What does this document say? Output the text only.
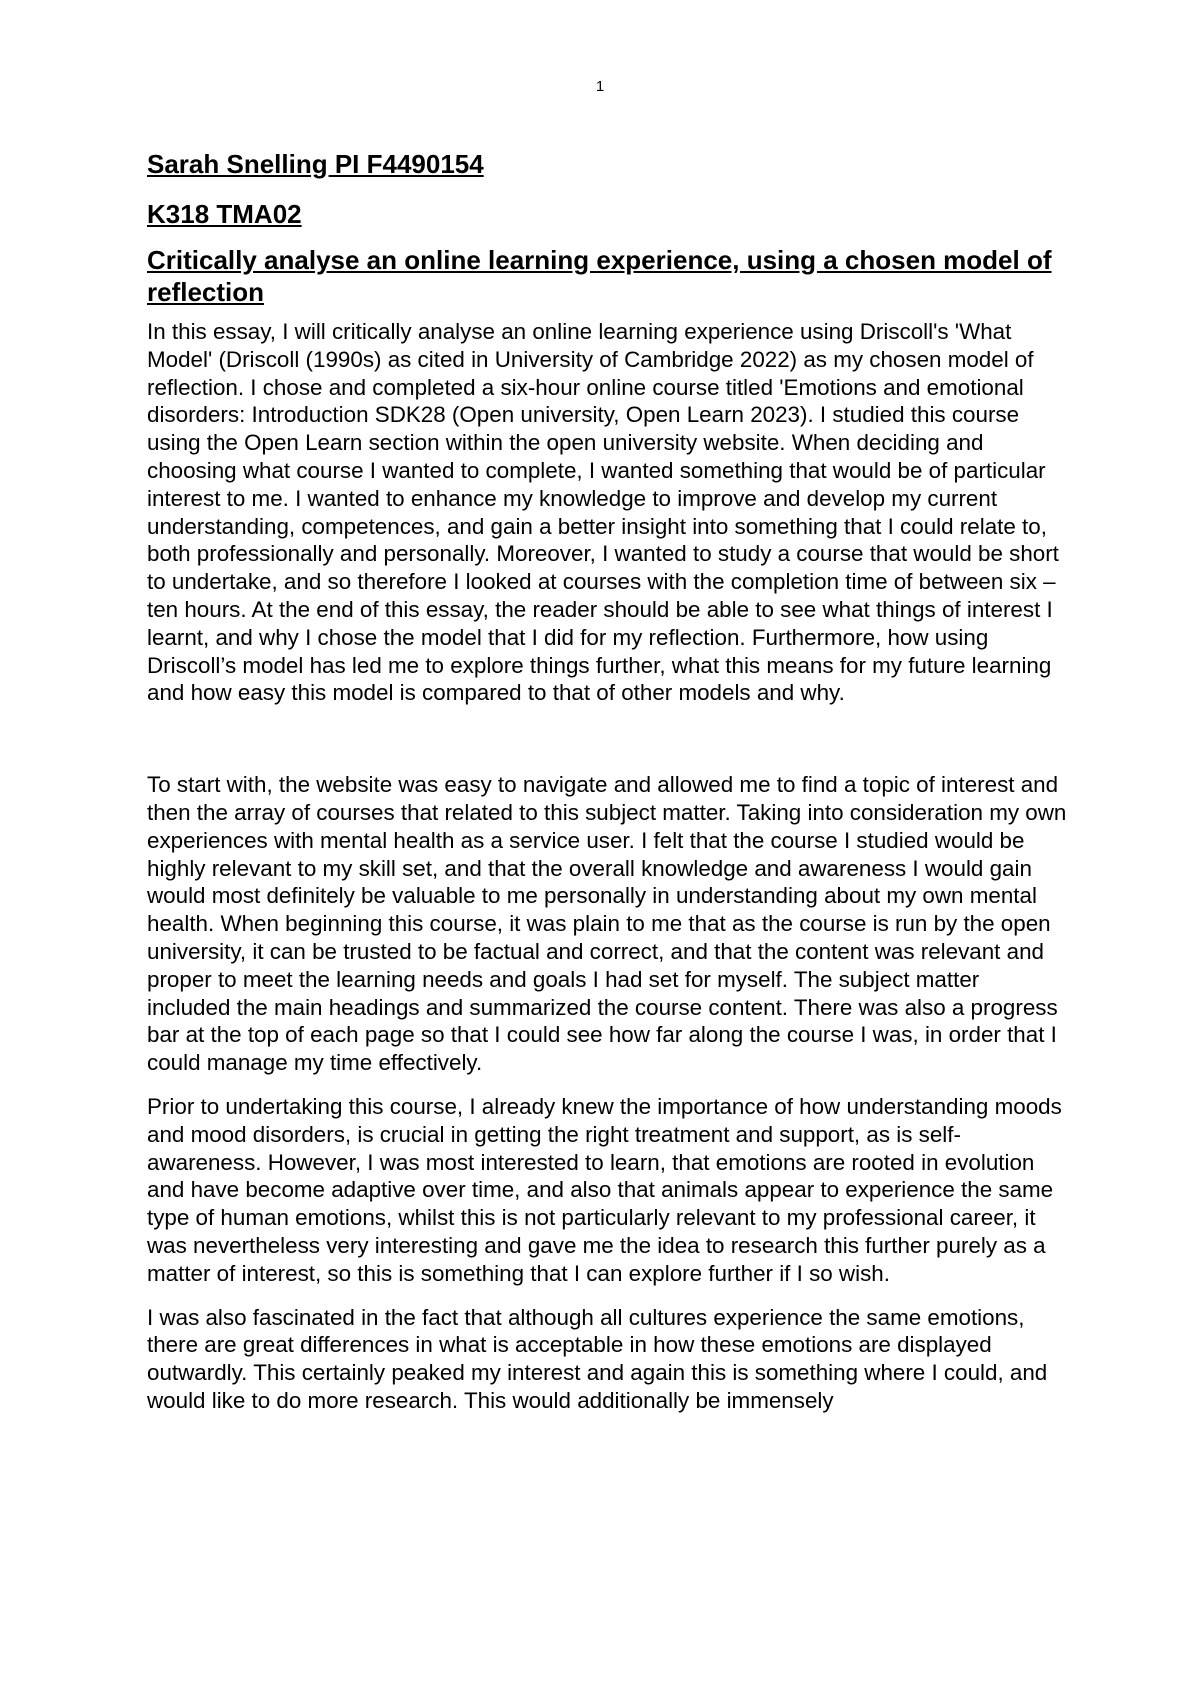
1
Sarah Snelling PI F4490154
K318 TMA02
Critically analyse an online learning experience, using a chosen model of reflection

In this essay, I will critically analyse an online learning experience using Driscoll's 'What Model' (Driscoll (1990s) as cited in University of Cambridge 2022) as my chosen model of reflection. I chose and completed a six-hour online course titled 'Emotions and emotional disorders: Introduction SDK28 (Open university, Open Learn 2023). I studied this course using the Open Learn section within the open university website. When deciding and choosing what course I wanted to complete, I wanted something that would be of particular interest to me. I wanted to enhance my knowledge to improve and develop my current understanding, competences, and gain a better insight into something that I could relate to, both professionally and personally. Moreover, I wanted to study a course that would be short to undertake, and so therefore I looked at courses with the completion time of between six – ten hours. At the end of this essay, the reader should be able to see what things of interest I learnt, and why I chose the model that I did for my reflection. Furthermore, how using Driscoll’s model has led me to explore things further, what this means for my future learning and how easy this model is compared to that of other models and why.

To start with, the website was easy to navigate and allowed me to find a topic of interest and then the array of courses that related to this subject matter. Taking into consideration my own experiences with mental health as a service user. I felt that the course I studied would be highly relevant to my skill set, and that the overall knowledge and awareness I would gain would most definitely be valuable to me personally in understanding about my own mental health. When beginning this course, it was plain to me that as the course is run by the open university, it can be trusted to be factual and correct, and that the content was relevant and proper to meet the learning needs and goals I had set for myself. The subject matter included the main headings and summarized the course content. There was also a progress bar at the top of each page so that I could see how far along the course I was, in order that I could manage my time effectively.

Prior to undertaking this course, I already knew the importance of how understanding moods and mood disorders, is crucial in getting the right treatment and support, as is self-awareness. However, I was most interested to learn, that emotions are rooted in evolution and have become adaptive over time, and also that animals appear to experience the same type of human emotions, whilst this is not particularly relevant to my professional career, it was nevertheless very interesting and gave me the idea to research this further purely as a matter of interest, so this is something that I can explore further if I so wish.

I was also fascinated in the fact that although all cultures experience the same emotions, there are great differences in what is acceptable in how these emotions are displayed outwardly. This certainly peaked my interest and again this is something where I could, and would like to do more research. This would additionally be immensely
